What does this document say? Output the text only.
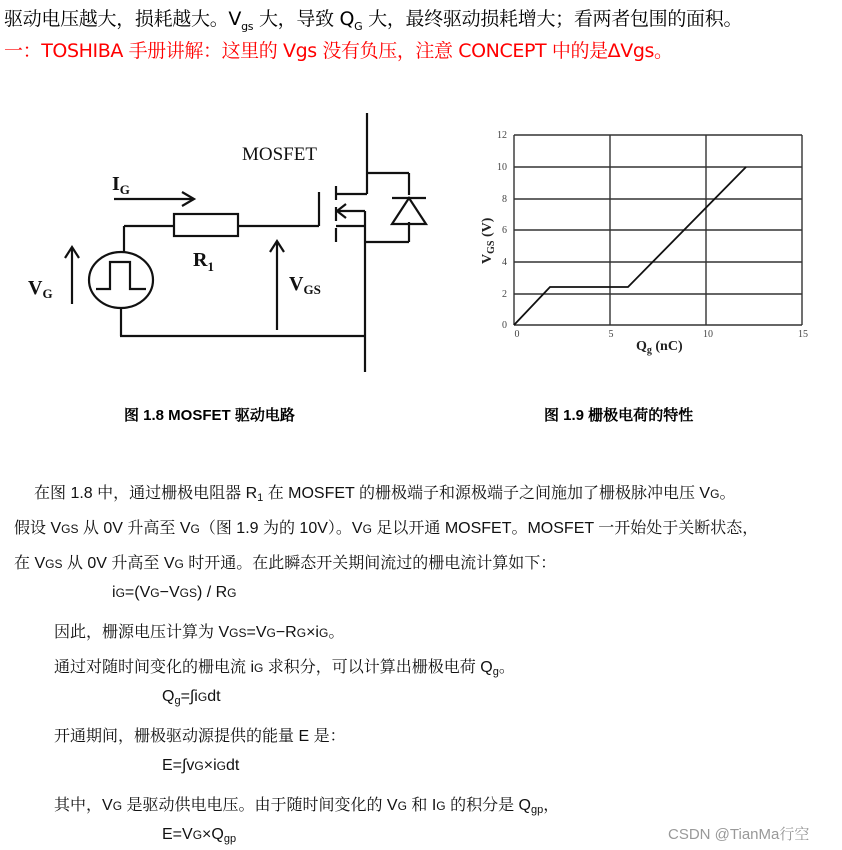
驱动电压越大，损耗越大。$V_{gs}$ 大，导致 $Q_G$ 大，最终驱动损耗增大；看两者包围的面积。
一：TOSHIBA 手册讲解：这里的 Vgs 没有负压，注意 CONCEPT 中的是ΔVgs。
MOSFET
$I_G$
$R_1$
$V_G$	$V_{GS}$
12
10
8
6
4
2
0
0	5	10	15
$Q_g$ (nC)
$V_{GS}$ (V)
图 1.8 MOSFET 驱动电路	图 1.9 栅极电荷的特性
在图 1.8 中，通过栅极电阻器 $R_1$ 在 MOSFET 的栅极端子和源极端子之间施加了栅极脉冲电压 VG。
假设 VGS 从 0V 升高至 VG（图 1.9 为的 10V）。VG 足以开通 MOSFET。MOSFET 一开始处于关断状态，
在 VGS 从 0V 升高至 VG 时开通。在此瞬态开关期间流过的栅电流计算如下：
iG=(VG−VGS) / RG
因此，栅源电压计算为 VGS=VG−RG×iG。
通过对随时间变化的栅电流 iG 求积分，可以计算出栅极电荷 $Q_g$。
$Q_g=\int iGdt$
开通期间，栅极驱动源提供的能量 E 是：
E=∫vG×iGdt
其中，VG 是驱动供电电压。由于随时间变化的 VG 和 IG 的积分是 $Q_{gp}$，
$E=VG\times Q_{gp}$	CSDN @TianMa行空
